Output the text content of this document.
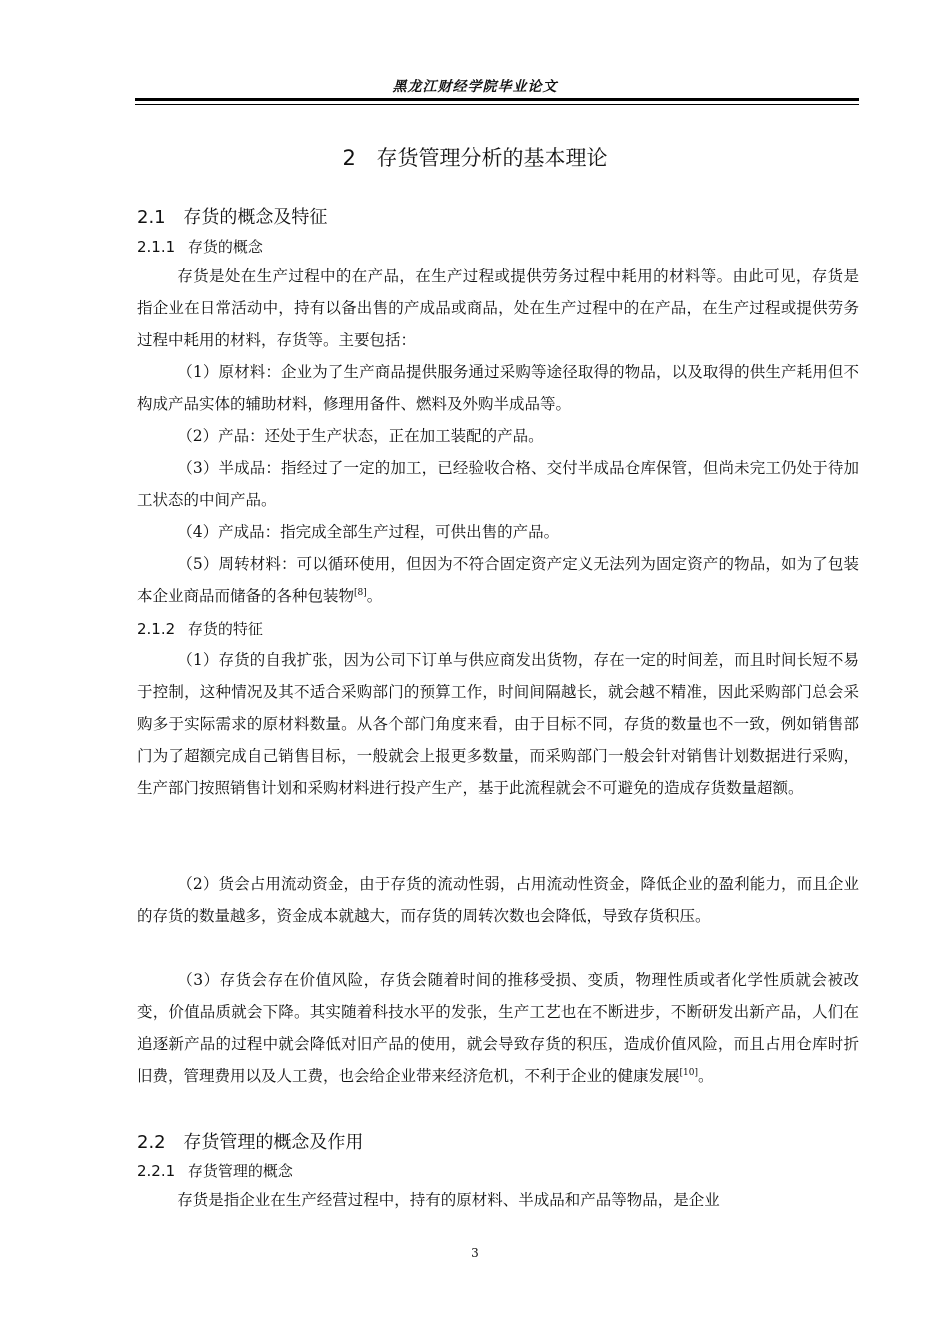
黑龙江财经学院毕业论文
2 存货管理分析的基本理论
2.1 存货的概念及特征
2.1.1 存货的概念

存货是处在生产过程中的在产品，在生产过程或提供劳务过程中耗用的材料等。由此可见，存货是指企业在日常活动中，持有以备出售的产成品或商品，处在生产过程中的在产品，在生产过程或提供劳务过程中耗用的材料，存货等。主要包括：

（1）原材料：企业为了生产商品提供服务通过采购等途径取得的物品，以及取得的供生产耗用但不构成产品实体的辅助材料，修理用备件、燃料及外购半成品等。

（2）产品：还处于生产状态，正在加工装配的产品。

（3）半成品：指经过了一定的加工，已经验收合格、交付半成品仓库保管，但尚未完工仍处于待加工状态的中间产品。

（4）产成品：指完成全部生产过程，可供出售的产品。

（5）周转材料：可以循环使用，但因为不符合固定资产定义无法列为固定资产的物品，如为了包装本企业商品而储备的各种包装物[8]。

2.1.2 存货的特征

（1）存货的自我扩张，因为公司下订单与供应商发出货物，存在一定的时间差，而且时间长短不易于控制，这种情况及其不适合采购部门的预算工作，时间间隔越长，就会越不精准，因此采购部门总会采购多于实际需求的原材料数量。从各个部门角度来看，由于目标不同，存货的数量也不一致，例如销售部门为了超额完成自己销售目标，一般就会上报更多数量，而采购部门一般会针对销售计划数据进行采购，生产部门按照销售计划和采购材料进行投产生产，基于此流程就会不可避免的造成存货数量超额。

（2）货会占用流动资金，由于存货的流动性弱，占用流动性资金，降低企业的盈利能力，而且企业的存货的数量越多，资金成本就越大，而存货的周转次数也会降低，导致存货积压。

（3）存货会存在价值风险，存货会随着时间的推移受损、变质，物理性质或者化学性质就会被改变，价值品质就会下降。其实随着科技水平的发张，生产工艺也在不断进步，不断研发出新产品，人们在追逐新产品的过程中就会降低对旧产品的使用，就会导致存货的积压，造成价值风险，而且占用仓库时折旧费，管理费用以及人工费，也会给企业带来经济危机，不利于企业的健康发展[10]。

2.2 存货管理的概念及作用
2.2.1 存货管理的概念

存货是指企业在生产经营过程中，持有的原材料、半成品和产品等物品，是企业

3
